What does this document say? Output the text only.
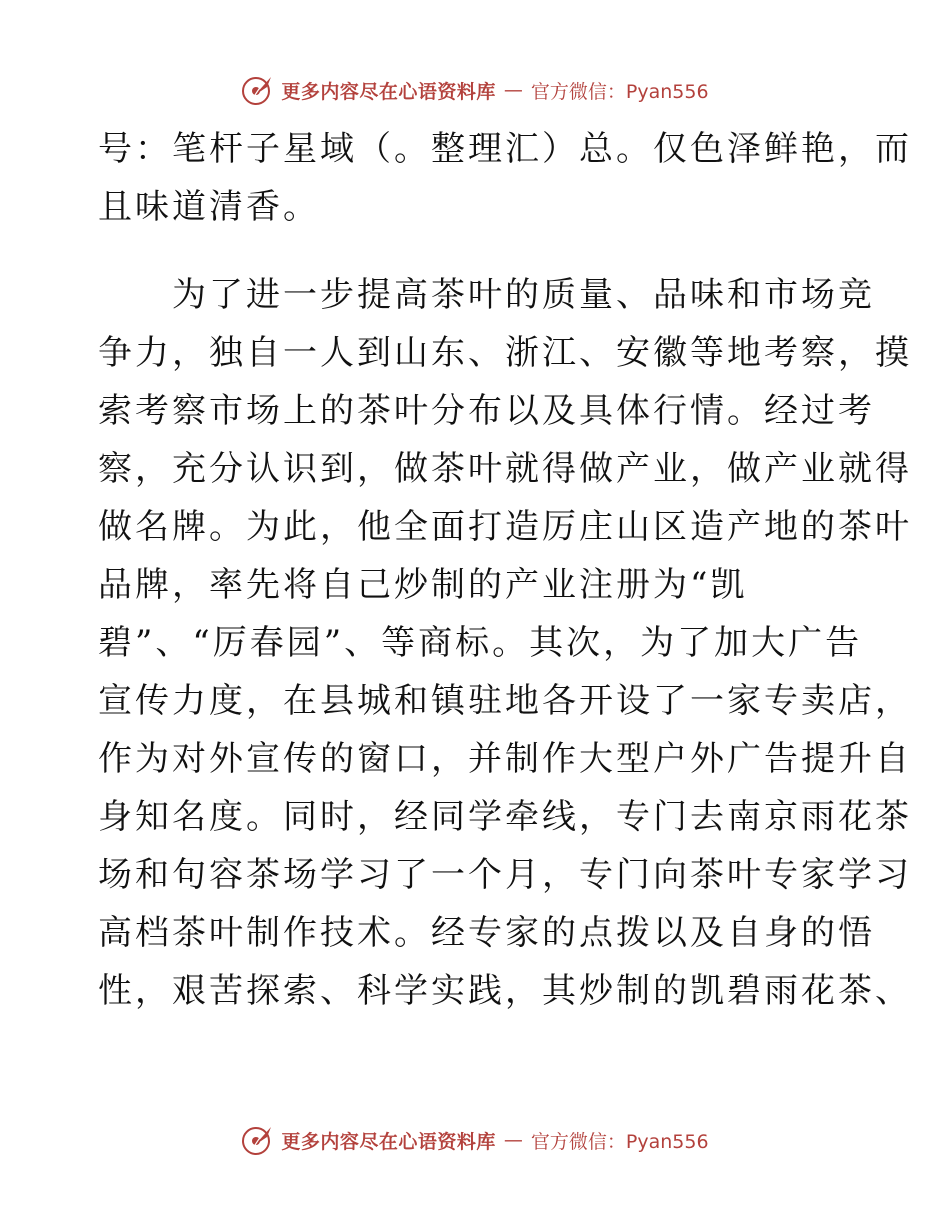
更多内容尽在心语资料库 — 官方微信：Pyan556
号：笔杆子星域（。整理汇）总。仅色泽鲜艳，而
且味道清香。
　　为了进一步提高茶叶的质量、品味和市场竞
争力，独自一人到山东、浙江、安徽等地考察，摸
索考察市场上的茶叶分布以及具体行情。经过考
察，充分认识到，做茶叶就得做产业，做产业就得
做名牌。为此，他全面打造厉庄山区造产地的茶叶
品牌，率先将自己炒制的产业注册为“凯
碧”、“厉春园”、等商标。其次，为了加大广告
宣传力度，在县城和镇驻地各开设了一家专卖店，
作为对外宣传的窗口，并制作大型户外广告提升自
身知名度。同时，经同学牵线，专门去南京雨花茶
场和句容茶场学习了一个月，专门向茶叶专家学习
高档茶叶制作技术。经专家的点拨以及自身的悟
性，艰苦探索、科学实践，其炒制的凯碧雨花茶、
更多内容尽在心语资料库 — 官方微信：Pyan556
